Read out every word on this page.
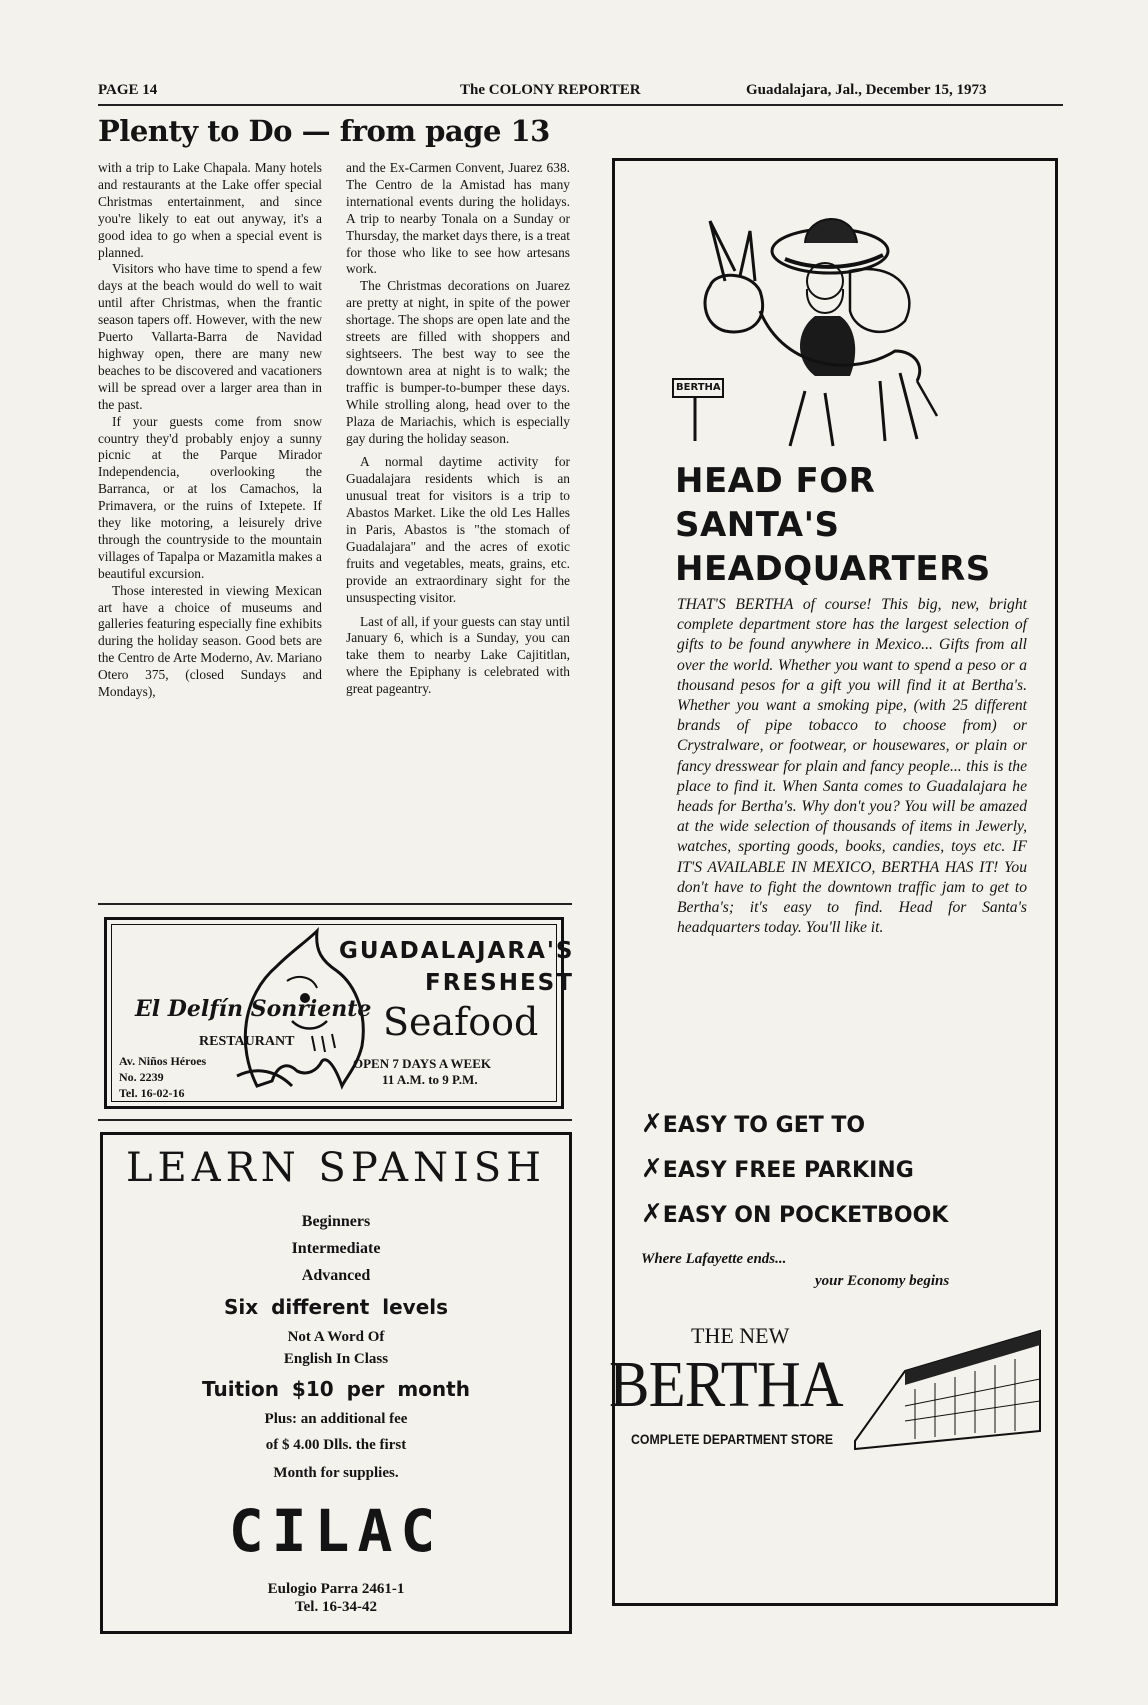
PAGE 14	The COLONY REPORTER	Guadalajara, Jal., December 15, 1973
Plenty to Do — from page 13

with a trip to Lake Chapala. Many hotels and restaurants at the Lake offer special Christmas entertainment, and since you're likely to eat out anyway, it's a good idea to go when a special event is planned.

Visitors who have time to spend a few days at the beach would do well to wait until after Christmas, when the frantic season tapers off. However, with the new Puerto Vallarta-Barra de Navidad highway open, there are many new beaches to be discovered and vacationers will be spread over a larger area than in the past.

If your guests come from snow country they'd probably enjoy a sunny picnic at the Parque Mirador Independencia, overlooking the Barranca, or at los Camachos, la Primavera, or the ruins of Ixtepete. If they like motoring, a leisurely drive through the countryside to the mountain villages of Tapalpa or Mazamitla makes a beautiful excursion.

Those interested in viewing Mexican art have a choice of museums and galleries featuring especially fine exhibits during the holiday season. Good bets are the Centro de Arte Moderno, Av. Mariano Otero 375, (closed Sundays and Mondays),

and the Ex-Carmen Convent, Juarez 638. The Centro de la Amistad has many international events during the holidays. A trip to nearby Tonala on a Sunday or Thursday, the market days there, is a treat for those who like to see how artesans work.

The Christmas decorations on Juarez are pretty at night, in spite of the power shortage. The shops are open late and the streets are filled with shoppers and sightseers. The best way to see the downtown area at night is to walk; the traffic is bumper-to-bumper these days. While strolling along, head over to the Plaza de Mariachis, which is especially gay during the holiday season.

A normal daytime activity for Guadalajara residents which is an unusual treat for visitors is a trip to Abastos Market. Like the old Les Halles in Paris, Abastos is "the stomach of Guadalajara" and the acres of exotic fruits and vegetables, meats, grains, etc. provide an extraordinary sight for the unsuspecting visitor.

Last of all, if your guests can stay until January 6, which is a Sunday, you can take them to nearby Lake Cajititlan, where the Epiphany is celebrated with great pageantry.

El Delfín Sonriente
RESTAURANT
Av. Niños Héroes
No. 2239
Tel. 16-02-16
GUADALAJARA'S
FRESHEST
Seafood
OPEN 7 DAYS A WEEK
11 A.M. to 9 P.M.
LEARN SPANISH
Beginners
Intermediate
Advanced
Six different levels
Not A Word Of
English In Class
Tuition $10 per month
Plus: an additional fee
of $ 4.00 Dlls. the first
Month for supplies.
CILAC
Eulogio Parra 2461-1
Tel. 16-34-42
BERTHA
HEAD FOR
SANTA'S
HEADQUARTERS
THAT'S BERTHA of course! This big, new, bright complete department store has the largest selection of gifts to be found anywhere in Mexico... Gifts from all over the world. Whether you want to spend a peso or a thousand pesos for a gift you will find it at Bertha's. Whether you want a smoking pipe, (with 25 different brands of pipe tobacco to choose from) or Crystralware, or footwear, or housewares, or plain or fancy dresswear for plain and fancy people... this is the place to find it. When Santa comes to Guadalajara he heads for Bertha's. Why don't you? You will be amazed at the wide selection of thousands of items in Jewerly, watches, sporting goods, books, candies, toys etc. IF IT'S AVAILABLE IN MEXICO, BERTHA HAS IT! You don't have to fight the downtown traffic jam to get to Bertha's; it's easy to find. Head for Santa's headquarters today. You'll like it.
✗EASY TO GET TO
✗EASY FREE PARKING
✗EASY ON POCKETBOOK
Where Lafayette ends...
your Economy begins
THE NEW
BERTHA
COMPLETE DEPARTMENT STORE
